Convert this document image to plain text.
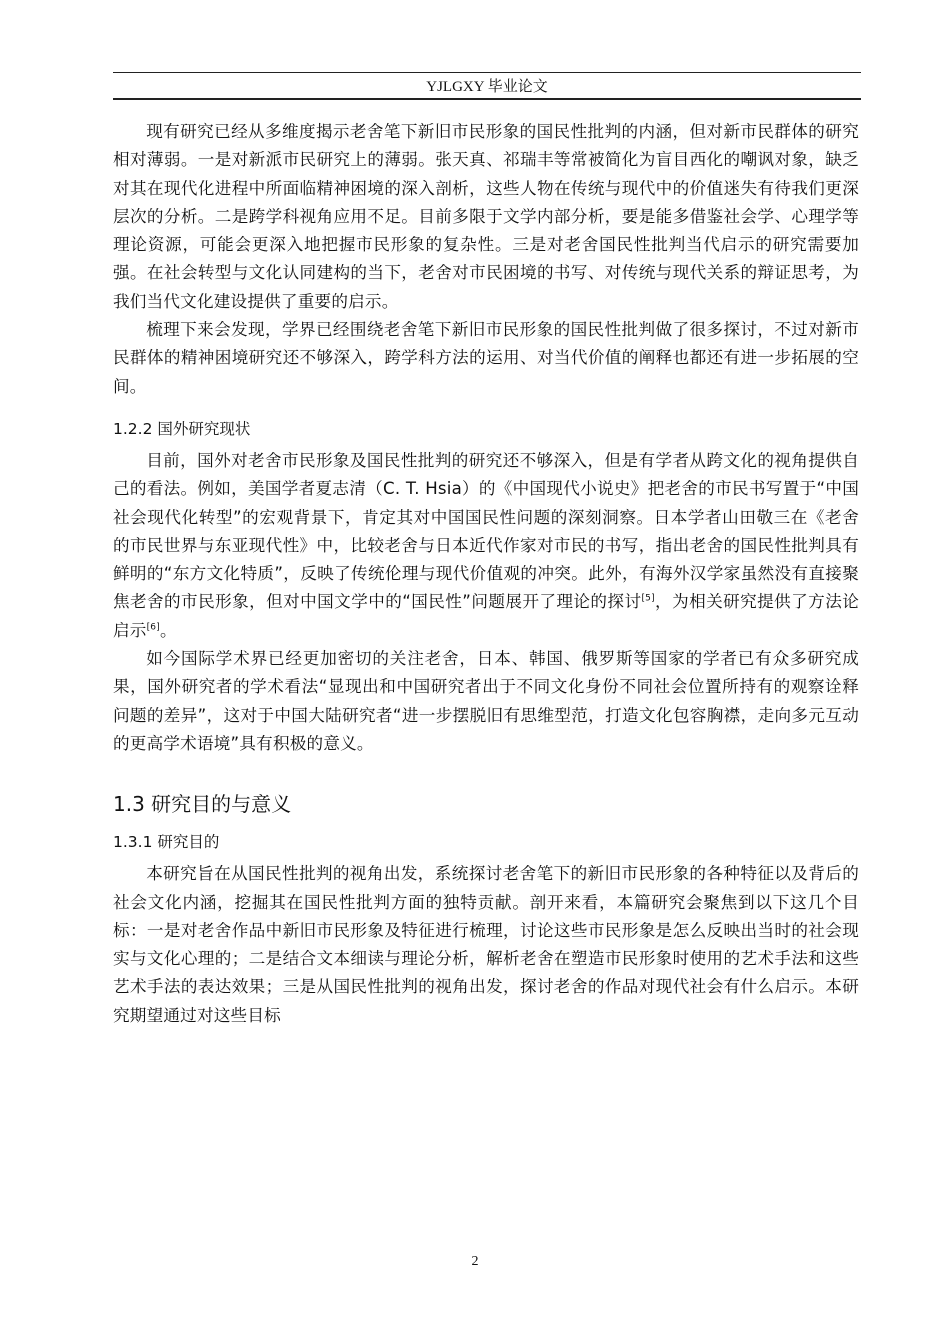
YJLGXY 毕业论文

现有研究已经从多维度揭示老舍笔下新旧市民形象的国民性批判的内涵，但对新市民群体的研究相对薄弱。一是对新派市民研究上的薄弱。张天真、祁瑞丰等常被简化为盲目西化的嘲讽对象，缺乏对其在现代化进程中所面临精神困境的深入剖析，这些人物在传统与现代中的价值迷失有待我们更深层次的分析。二是跨学科视角应用不足。目前多限于文学内部分析，要是能多借鉴社会学、心理学等理论资源，可能会更深入地把握市民形象的复杂性。三是对老舍国民性批判当代启示的研究需要加强。在社会转型与文化认同建构的当下，老舍对市民困境的书写、对传统与现代关系的辩证思考，为我们当代文化建设提供了重要的启示。

梳理下来会发现，学界已经围绕老舍笔下新旧市民形象的国民性批判做了很多探讨，不过对新市民群体的精神困境研究还不够深入，跨学科方法的运用、对当代价值的阐释也都还有进一步拓展的空间。

1.2.2 国外研究现状

目前，国外对老舍市民形象及国民性批判的研究还不够深入，但是有学者从跨文化的视角提供自己的看法。例如，美国学者夏志清（C. T. Hsia）的《中国现代小说史》把老舍的市民书写置于“中国社会现代化转型”的宏观背景下，肯定其对中国国民性问题的深刻洞察。日本学者山田敬三在《老舍的市民世界与东亚现代性》中，比较老舍与日本近代作家对市民的书写，指出老舍的国民性批判具有鲜明的“东方文化特质”，反映了传统伦理与现代价值观的冲突。此外，有海外汉学家虽然没有直接聚焦老舍的市民形象，但对中国文学中的“国民性”问题展开了理论的探讨[5]，为相关研究提供了方法论启示[6]。

如今国际学术界已经更加密切的关注老舍，日本、韩国、俄罗斯等国家的学者已有众多研究成果，国外研究者的学术看法“显现出和中国研究者出于不同文化身份不同社会位置所持有的观察诠释问题的差异”，这对于中国大陆研究者“进一步摆脱旧有思维型范，打造文化包容胸襟，走向多元互动的更高学术语境”具有积极的意义。

1.3 研究目的与意义
1.3.1 研究目的

本研究旨在从国民性批判的视角出发，系统探讨老舍笔下的新旧市民形象的各种特征以及背后的社会文化内涵，挖掘其在国民性批判方面的独特贡献。剖开来看，本篇研究会聚焦到以下这几个目标：一是对老舍作品中新旧市民形象及特征进行梳理，讨论这些市民形象是怎么反映出当时的社会现实与文化心理的；二是结合文本细读与理论分析，解析老舍在塑造市民形象时使用的艺术手法和这些艺术手法的表达效果；三是从国民性批判的视角出发，探讨老舍的作品对现代社会有什么启示。本研究期望通过对这些目标

2
